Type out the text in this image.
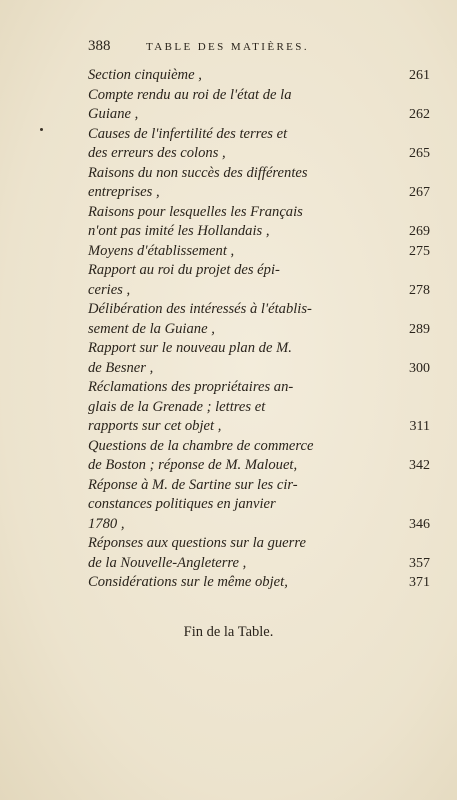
388	TABLE DES MATIÈRES.
Section cinquième ,	261
Compte rendu au roi de l'état de la
Guiane ,	262
Causes de l'infertilité des terres et
des erreurs des colons ,	265
Raisons du non succès des différentes
entreprises ,	267
Raisons pour lesquelles les Français
n'ont pas imité les Hollandais ,	269
Moyens d'établissement ,	275
Rapport au roi du projet des épi-
ceries ,	278
Délibération des intéressés à l'établis-
sement de la Guiane ,	289
Rapport sur le nouveau plan de M.
de Besner ,	300
Réclamations des propriétaires an-
glais de la Grenade ; lettres et
rapports sur cet objet ,	311
Questions de la chambre de commerce
de Boston ; réponse de M. Malouet,	342
Réponse à M. de Sartine sur les cir-
constances politiques en janvier
1780 ,	346
Réponses aux questions sur la guerre
de la Nouvelle-Angleterre ,	357
Considérations sur le même objet,	371
Fin de la Table.
